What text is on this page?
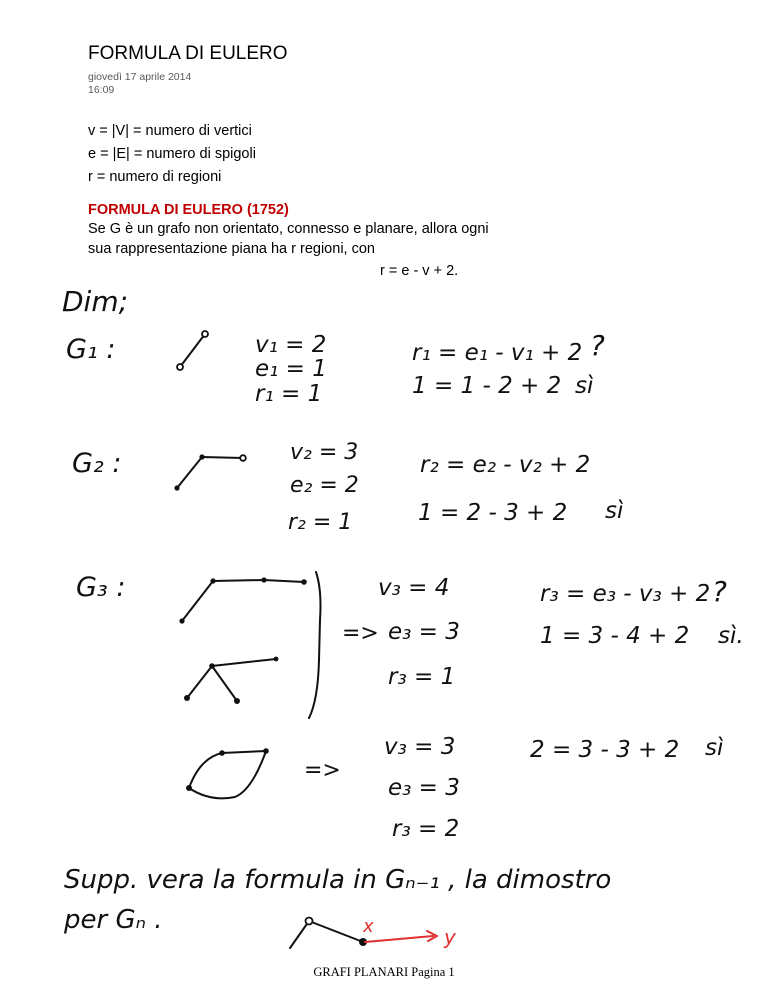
FORMULA DI EULERO
giovedì 17 aprile 2014
16:09
v = |V| = numero di vertici
e = |E| = numero di spigoli
r = numero di regioni
FORMULA DI EULERO (1752)
Se G è un grafo non orientato, connesso e planare, allora ogni
sua rappresentazione piana ha r regioni, con
r = e - v + 2.
Dim;
G₁ :	v₁ = 2
e₁ = 1
r₁ = 1
r₁ = e₁ - v₁ + 2 ?
1 = 1 - 2 + 2 sì
G₂ :	v₂ = 3
e₂ = 2
r₂ = 1
r₂ = e₂ - v₂ + 2
1 = 2 - 3 + 2 sì
G₃ :
=>
v₃ = 4
e₃ = 3
r₃ = 1
r₃ = e₃ - v₃ + 2 ?
1 = 3 - 4 + 2 sì.
=>
v₃ = 3
e₃ = 3
r₃ = 2
2 = 3 - 3 + 2 sì
Supp. vera la formula in Gₙ₋₁ , la dimostro
per Gₙ .	x	y
GRAFI PLANARI Pagina 1
